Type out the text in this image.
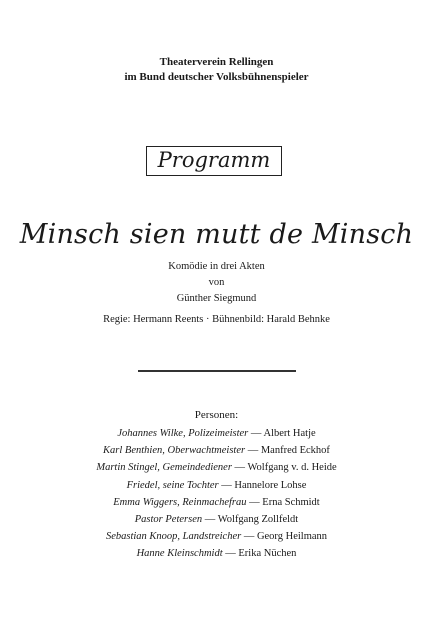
Theaterverein Rellingen
im Bund deutscher Volksbühnenspieler
Programm
Minsch sien mutt de Minsch
Komödie in drei Akten
von
Günther Siegmund
Regie: Hermann Reents · Bühnenbild: Harald Behnke
Personen:
Johannes Wilke, Polizeimeister — Albert Hatje
Karl Benthien, Oberwachtmeister — Manfred Eckhof
Martin Stingel, Gemeindediener — Wolfgang v. d. Heide
Friedel, seine Tochter — Hannelore Lohse
Emma Wiggers, Reinmachefrau — Erna Schmidt
Pastor Petersen — Wolfgang Zollfeldt
Sebastian Knoop, Landstreicher — Georg Heilmann
Hanne Kleinschmidt — Erika Nüchen
